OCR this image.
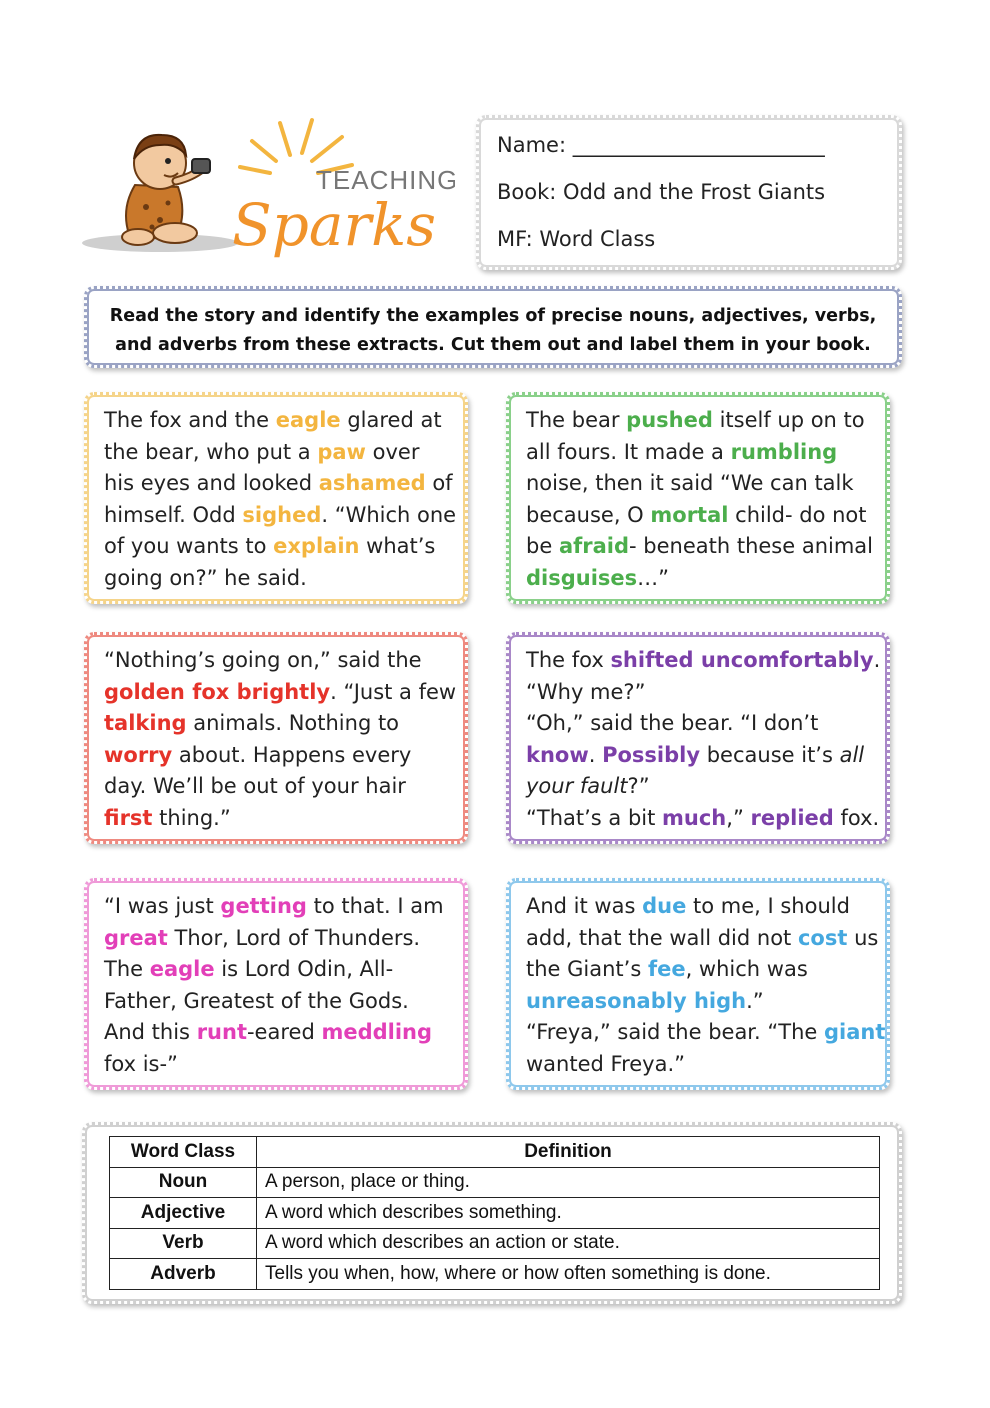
TEACHING
Sparks

Name: ________________________

Book: Odd and the Frost Giants

MF: Word Class

Read the story and identify the examples of precise nouns, adjectives, verbs,
and adverbs from these extracts. Cut them out and label them in your book.

The fox and the eagle glared at
the bear, who put a paw over
his eyes and looked ashamed of
himself. Odd sighed. “Which one
of you wants to explain what’s
going on?” he said.
The bear pushed itself up on to
all fours. It made a rumbling
noise, then it said “We can talk
because, O mortal child- do not
be afraid- beneath these animal
disguises…”
“Nothing’s going on,” said the
golden fox brightly. “Just a few
talking animals. Nothing to
worry about. Happens every
day. We’ll be out of your hair
first thing.”
The fox shifted uncomfortably.
“Why me?”
“Oh,” said the bear. “I don’t
know. Possibly because it’s all
your fault?”
“That’s a bit much,” replied fox.
“I was just getting to that. I am
great Thor, Lord of Thunders.
The eagle is Lord Odin, All-
Father, Greatest of the Gods.
And this runt-eared meddling
fox is-”
And it was due to me, I should
add, that the wall did not cost us
the Giant’s fee, which was
unreasonably high.”
“Freya,” said the bear. “The giant
wanted Freya.”
Word Class	Definition
Noun	A person, place or thing.
Adjective	A word which describes something.
Verb	A word which describes an action or state.
Adverb	Tells you when, how, where or how often something is done.
